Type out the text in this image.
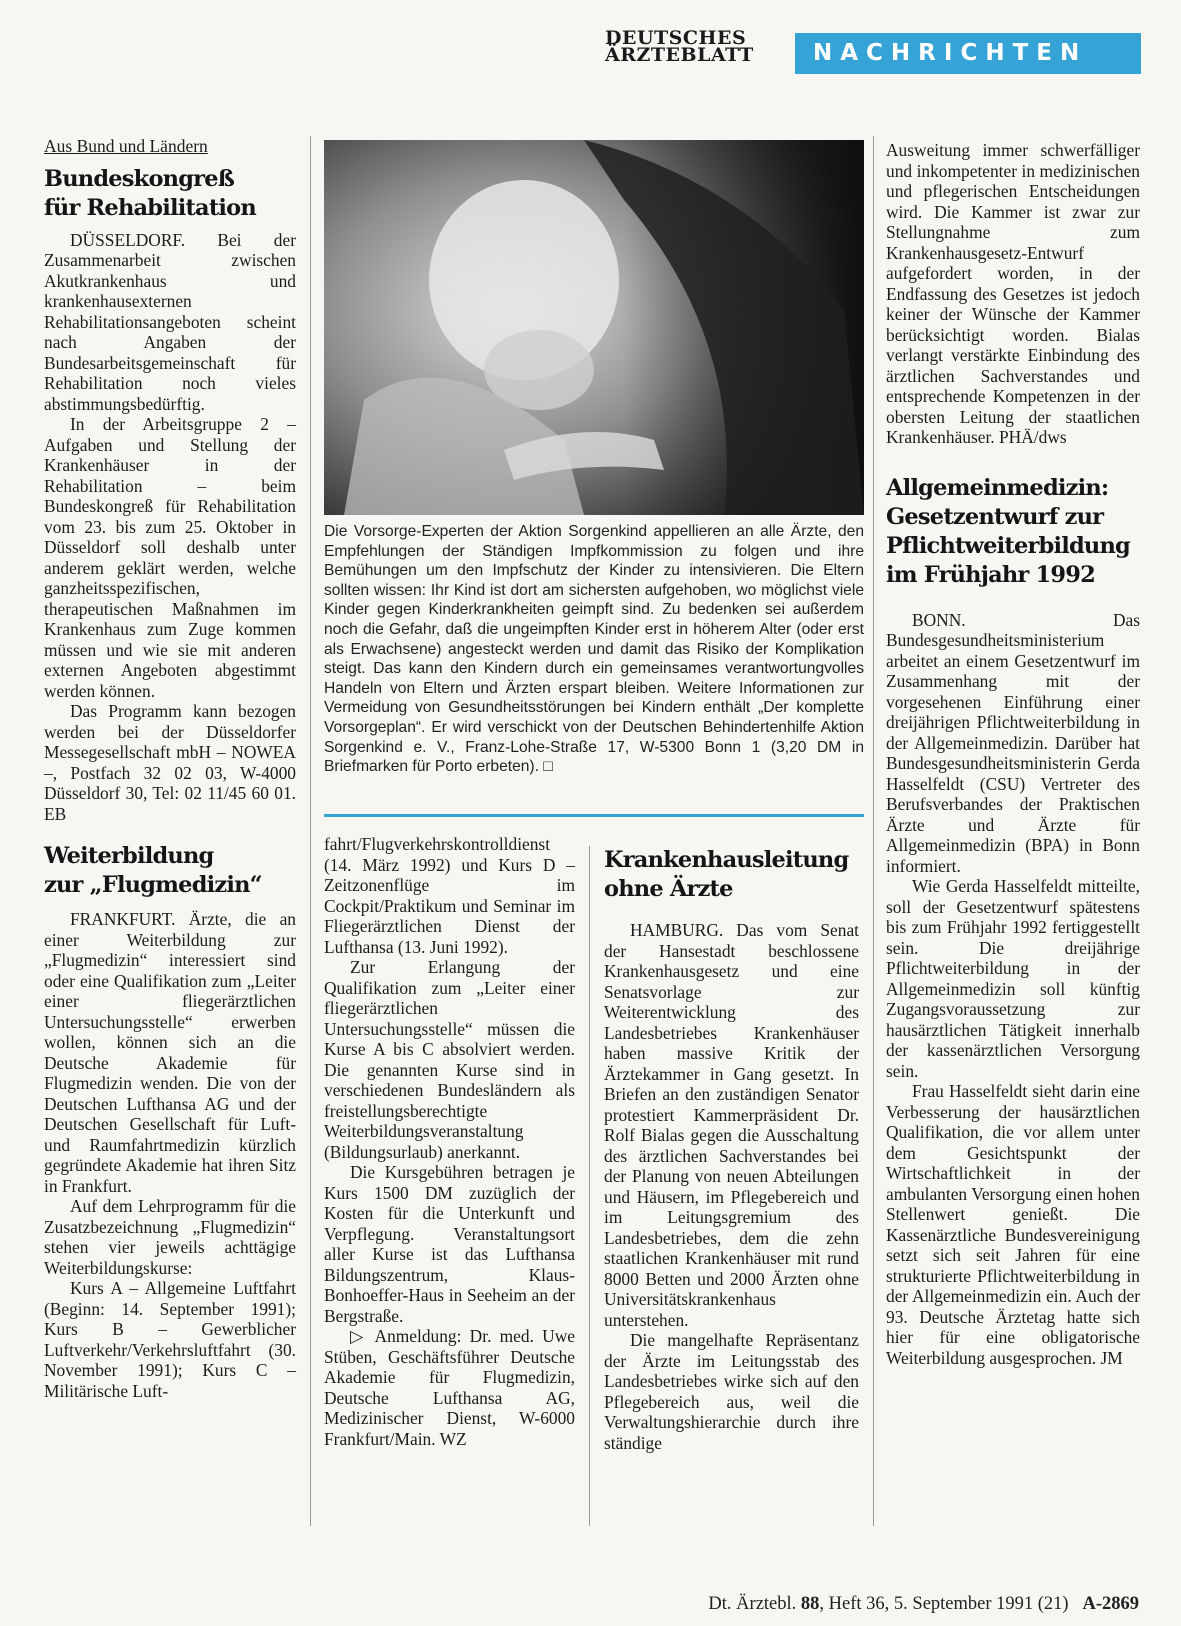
DEUTSCHES
ÄRZTEBLATT	NACHRICHTEN
Aus Bund und Ländern
Bundeskongreß
für Rehabilitation

DÜSSELDORF. Bei der Zusammenarbeit zwischen Akutkrankenhaus und krankenhausexternen Rehabilitationsangeboten scheint nach Angaben der Bundesarbeitsgemeinschaft für Rehabilitation noch vieles abstimmungsbedürftig.

In der Arbeitsgruppe 2 – Aufgaben und Stellung der Krankenhäuser in der Rehabilitation – beim Bundeskongreß für Rehabilitation vom 23. bis zum 25. Oktober in Düsseldorf soll deshalb unter anderem geklärt werden, welche ganzheitsspezifischen, therapeutischen Maßnahmen im Krankenhaus zum Zuge kommen müssen und wie sie mit anderen externen Angeboten abgestimmt werden können.

Das Programm kann bezogen werden bei der Düsseldorfer Messegesellschaft mbH – NOWEA –, Postfach 32 02 03, W-4000 Düsseldorf 30, Tel: 02 11/45 60 01. EB

Weiterbildung
zur „Flugmedizin“

FRANKFURT. Ärzte, die an einer Weiterbildung zur „Flugmedizin“ interessiert sind oder eine Qualifikation zum „Leiter einer fliegerärztlichen Untersuchungsstelle“ erwerben wollen, können sich an die Deutsche Akademie für Flugmedizin wenden. Die von der Deutschen Lufthansa AG und der Deutschen Gesellschaft für Luft- und Raumfahrtmedizin kürzlich gegründete Akademie hat ihren Sitz in Frankfurt.

Auf dem Lehrprogramm für die Zusatzbezeichnung „Flugmedizin“ stehen vier jeweils achttägige Weiterbildungskurse:

Kurs A – Allgemeine Luftfahrt (Beginn: 14. September 1991); Kurs B – Gewerblicher Luftverkehr/Verkehrsluftfahrt (30. November 1991); Kurs C – Militärische Luft-

Die Vorsorge-Experten der Aktion Sorgenkind appellieren an alle Ärzte, den Empfehlungen der Ständigen Impfkommission zu folgen und ihre Bemühungen um den Impfschutz der Kinder zu intensivieren. Die Eltern sollten wissen: Ihr Kind ist dort am sichersten aufgehoben, wo möglichst viele Kinder gegen Kinderkrankheiten geimpft sind. Zu bedenken sei außerdem noch die Gefahr, daß die ungeimpften Kinder erst in höherem Alter (oder erst als Erwachsene) angesteckt werden und damit das Risiko der Komplikation steigt. Das kann den Kindern durch ein gemeinsames verantwortungvolles Handeln von Eltern und Ärzten erspart bleiben. Weitere Informationen zur Vermeidung von Gesundheitsstörungen bei Kindern enthält „Der komplette Vorsorgeplan“. Er wird verschickt von der Deutschen Behindertenhilfe Aktion Sorgenkind e. V., Franz-Lohe-Straße 17, W-5300 Bonn 1 (3,20 DM in Briefmarken für Porto erbeten). □

fahrt/Flugverkehrskontrolldienst (14. März 1992) und Kurs D – Zeitzonenflüge im Cockpit/Praktikum und Seminar im Fliegerärztlichen Dienst der Lufthansa (13. Juni 1992).

Zur Erlangung der Qualifikation zum „Leiter einer fliegerärztlichen Untersuchungsstelle“ müssen die Kurse A bis C absolviert werden. Die genannten Kurse sind in verschiedenen Bundesländern als freistellungsberechtigte Weiterbildungsveranstaltung (Bildungsurlaub) anerkannt.

Die Kursgebühren betragen je Kurs 1500 DM zuzüglich der Kosten für die Unterkunft und Verpflegung. Veranstaltungsort aller Kurse ist das Lufthansa Bildungszentrum, Klaus-Bonhoeffer-Haus in Seeheim an der Bergstraße.

▷ Anmeldung: Dr. med. Uwe Stüben, Geschäftsführer Deutsche Akademie für Flugmedizin, Deutsche Lufthansa AG, Medizinischer Dienst, W-6000 Frankfurt/Main. WZ

Krankenhausleitung
ohne Ärzte

HAMBURG. Das vom Senat der Hansestadt beschlossene Krankenhausgesetz und eine Senatsvorlage zur Weiterentwicklung des Landesbetriebes Krankenhäuser haben massive Kritik der Ärztekammer in Gang gesetzt. In Briefen an den zuständigen Senator protestiert Kammerpräsident Dr. Rolf Bialas gegen die Ausschaltung des ärztlichen Sachverstandes bei der Planung von neuen Abteilungen und Häusern, im Pflegebereich und im Leitungsgremium des Landesbetriebes, dem die zehn staatlichen Krankenhäuser mit rund 8000 Betten und 2000 Ärzten ohne Universitätskrankenhaus unterstehen.

Die mangelhafte Repräsentanz der Ärzte im Leitungsstab des Landesbetriebes wirke sich auf den Pflegebereich aus, weil die Verwaltungshierarchie durch ihre ständige

Ausweitung immer schwerfälliger und inkompetenter in medizinischen und pflegerischen Entscheidungen wird. Die Kammer ist zwar zur Stellungnahme zum Krankenhausgesetz-Entwurf aufgefordert worden, in der Endfassung des Gesetzes ist jedoch keiner der Wünsche der Kammer berücksichtigt worden. Bialas verlangt verstärkte Einbindung des ärztlichen Sachverstandes und entsprechende Kompetenzen in der obersten Leitung der staatlichen Krankenhäuser. PHÄ/dws

Allgemeinmedizin:
Gesetzentwurf zur
Pflichtweiterbildung
im Frühjahr 1992

BONN. Das Bundesgesundheitsministerium arbeitet an einem Gesetzentwurf im Zusammenhang mit der vorgesehenen Einführung einer dreijährigen Pflichtweiterbildung in der Allgemeinmedizin. Darüber hat Bundesgesundheitsministerin Gerda Hasselfeldt (CSU) Vertreter des Berufsverbandes der Praktischen Ärzte und Ärzte für Allgemeinmedizin (BPA) in Bonn informiert.

Wie Gerda Hasselfeldt mitteilte, soll der Gesetzentwurf spätestens bis zum Frühjahr 1992 fertiggestellt sein. Die dreijährige Pflichtweiterbildung in der Allgemeinmedizin soll künftig Zugangsvoraussetzung zur hausärztlichen Tätigkeit innerhalb der kassenärztlichen Versorgung sein.

Frau Hasselfeldt sieht darin eine Verbesserung der hausärztlichen Qualifikation, die vor allem unter dem Gesichtspunkt der Wirtschaftlichkeit in der ambulanten Versorgung einen hohen Stellenwert genießt. Die Kassenärztliche Bundesvereinigung setzt sich seit Jahren für eine strukturierte Pflichtweiterbildung in der Allgemeinmedizin ein. Auch der 93. Deutsche Ärztetag hatte sich hier für eine obligatorische Weiterbildung ausgesprochen. JM

Dt. Ärztebl. 88, Heft 36, 5. September 1991 (21) A-2869
